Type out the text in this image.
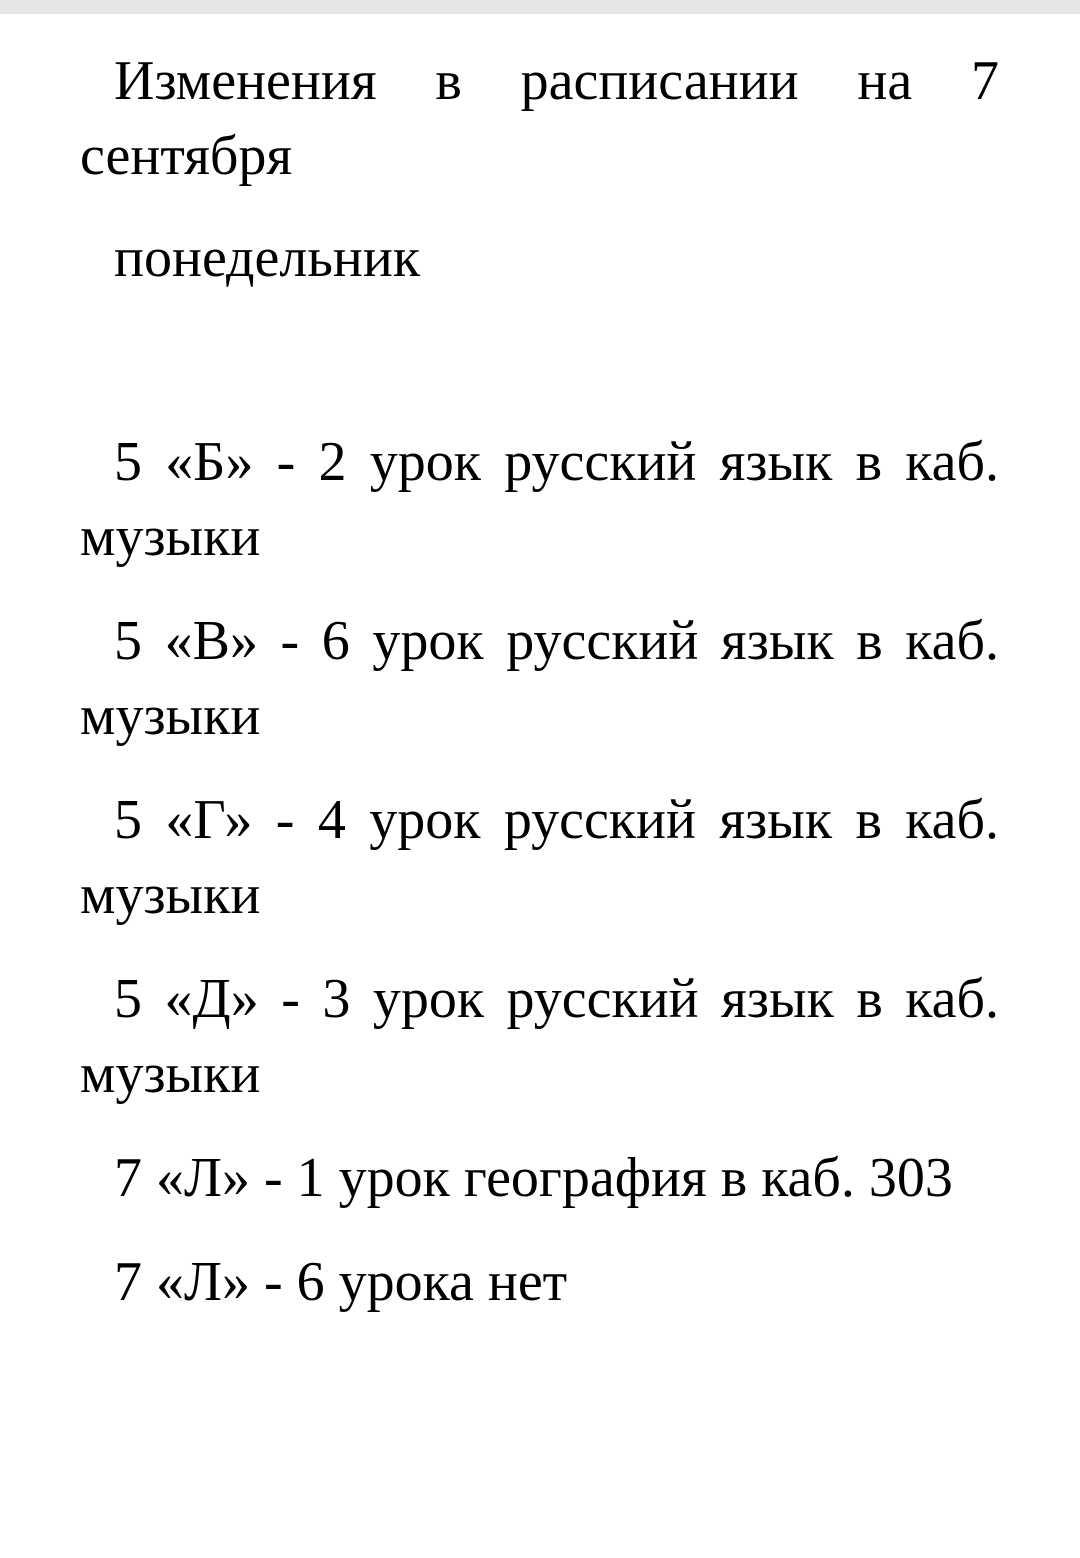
Изменения в расписании на 7 сентября

понедельник

5 «Б» - 2 урок русский язык в каб. музыки

5 «В» - 6 урок русский язык в каб. музыки

5 «Г» - 4 урок русский язык в каб. музыки

5 «Д» - 3 урок русский язык в каб. музыки

7 «Л» - 1 урок география в каб. 303

7 «Л» - 6 урока нет
